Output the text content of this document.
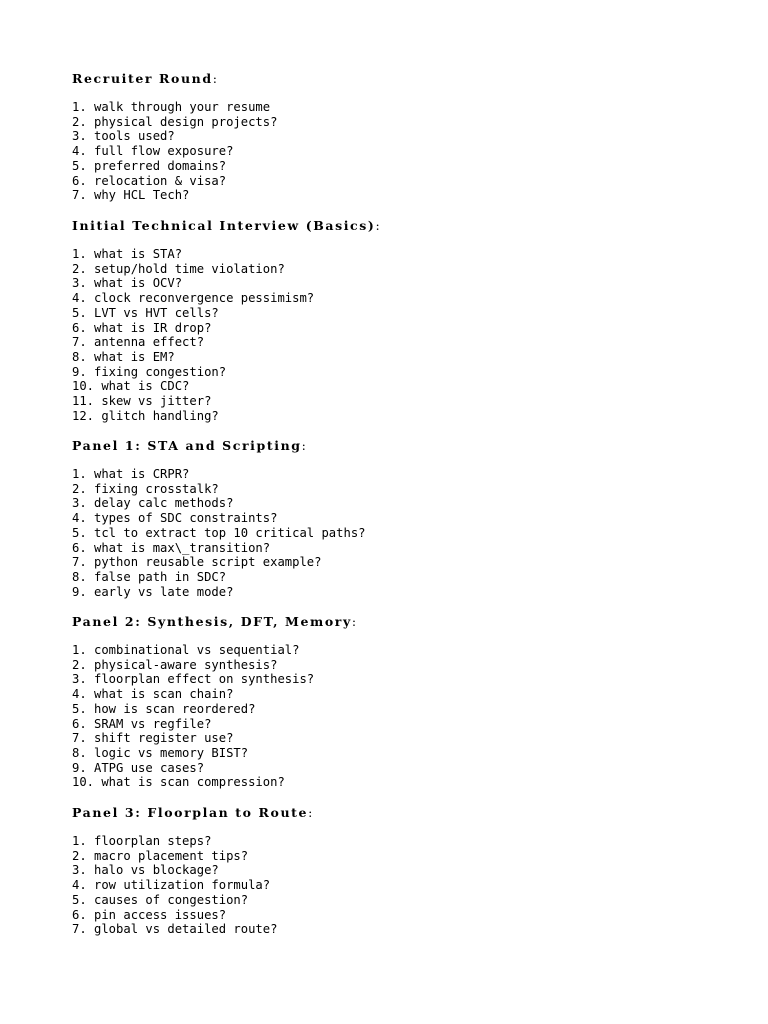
Recruiter Round:
1. walk through your resume
2. physical design projects?
3. tools used?
4. full flow exposure?
5. preferred domains?
6. relocation & visa?
7. why HCL Tech?
Initial Technical Interview (Basics):
1. what is STA?
2. setup/hold time violation?
3. what is OCV?
4. clock reconvergence pessimism?
5. LVT vs HVT cells?
6. what is IR drop?
7. antenna effect?
8. what is EM?
9. fixing congestion?
10. what is CDC?
11. skew vs jitter?
12. glitch handling?
Panel 1: STA and Scripting:
1. what is CRPR?
2. fixing crosstalk?
3. delay calc methods?
4. types of SDC constraints?
5. tcl to extract top 10 critical paths?
6. what is max\_transition?
7. python reusable script example?
8. false path in SDC?
9. early vs late mode?
Panel 2: Synthesis, DFT, Memory:
1. combinational vs sequential?
2. physical-aware synthesis?
3. floorplan effect on synthesis?
4. what is scan chain?
5. how is scan reordered?
6. SRAM vs regfile?
7. shift register use?
8. logic vs memory BIST?
9. ATPG use cases?
10. what is scan compression?
Panel 3: Floorplan to Route:
1. floorplan steps?
2. macro placement tips?
3. halo vs blockage?
4. row utilization formula?
5. causes of congestion?
6. pin access issues?
7. global vs detailed route?
